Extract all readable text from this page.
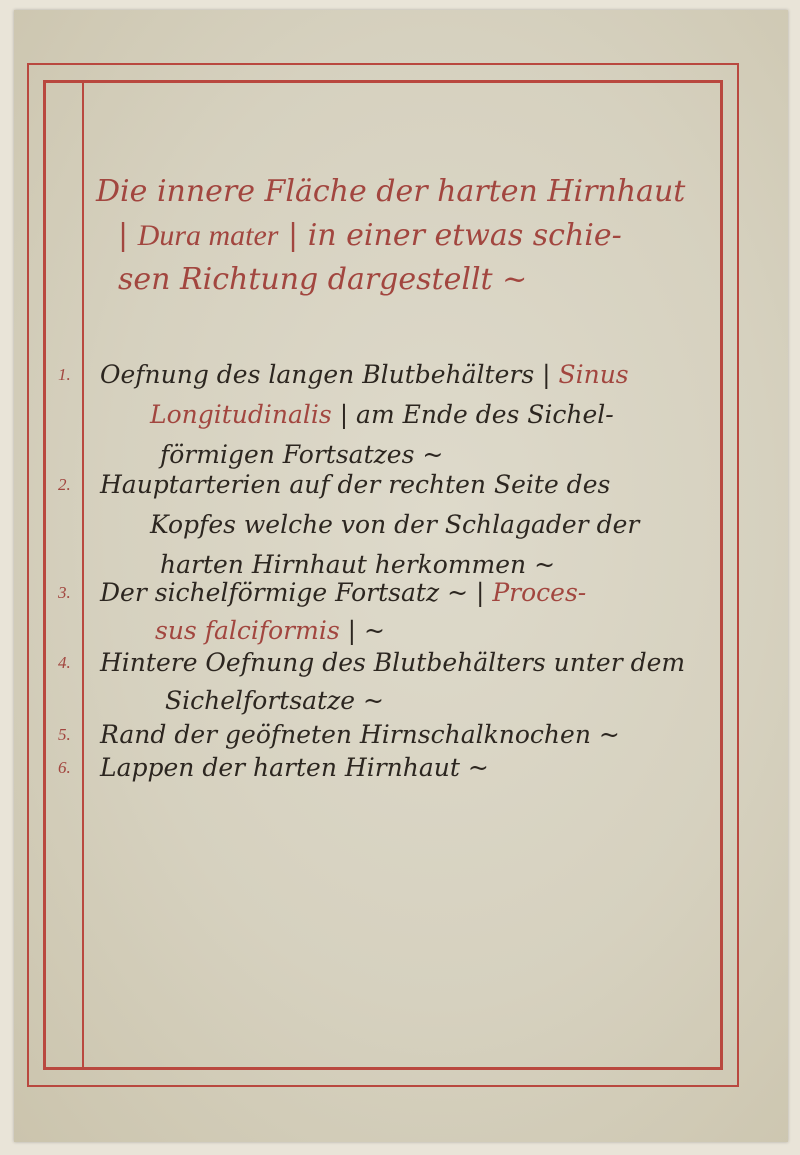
Die innere Fläche der harten Hirnhaut
| Dura mater | in einer etwas schie-
sen Richtung dargestellt ~
1.	Oefnung des langen Blutbehälters | Sinus
Longitudinalis | am Ende des Sichel-
förmigen Fortsatzes ~
2.	Hauptarterien auf der rechten Seite des
Kopfes welche von der Schlagader der
harten Hirnhaut herkommen ~
3.	Der sichelförmige Fortsatz ~ | Proces-
sus falciformis | ~
4.	Hintere Oefnung des Blutbehälters unter dem
Sichelfortsatze ~
5.	Rand der geöfneten Hirnschalknochen ~
6.	Lappen der harten Hirnhaut ~
